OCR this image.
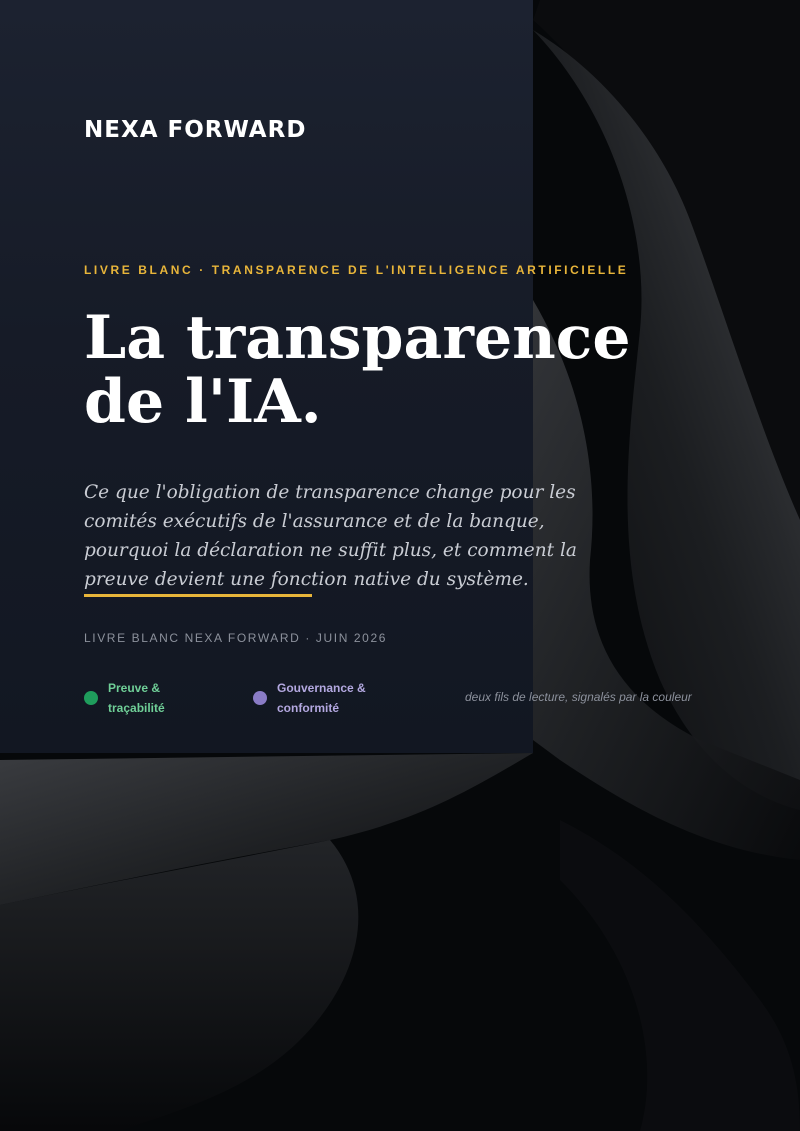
NEXA FORWARD
LIVRE BLANC · TRANSPARENCE DE L'INTELLIGENCE ARTIFICIELLE
La transparence
de l'IA.
Ce que l'obligation de transparence change pour les
comités exécutifs de l'assurance et de la banque,
pourquoi la déclaration ne suffit plus, et comment la
preuve devient une fonction native du système.
LIVRE BLANC NEXA FORWARD · JUIN 2026
Preuve &
traçabilité
Gouvernance &
conformité
deux fils de lecture, signalés par la couleur
